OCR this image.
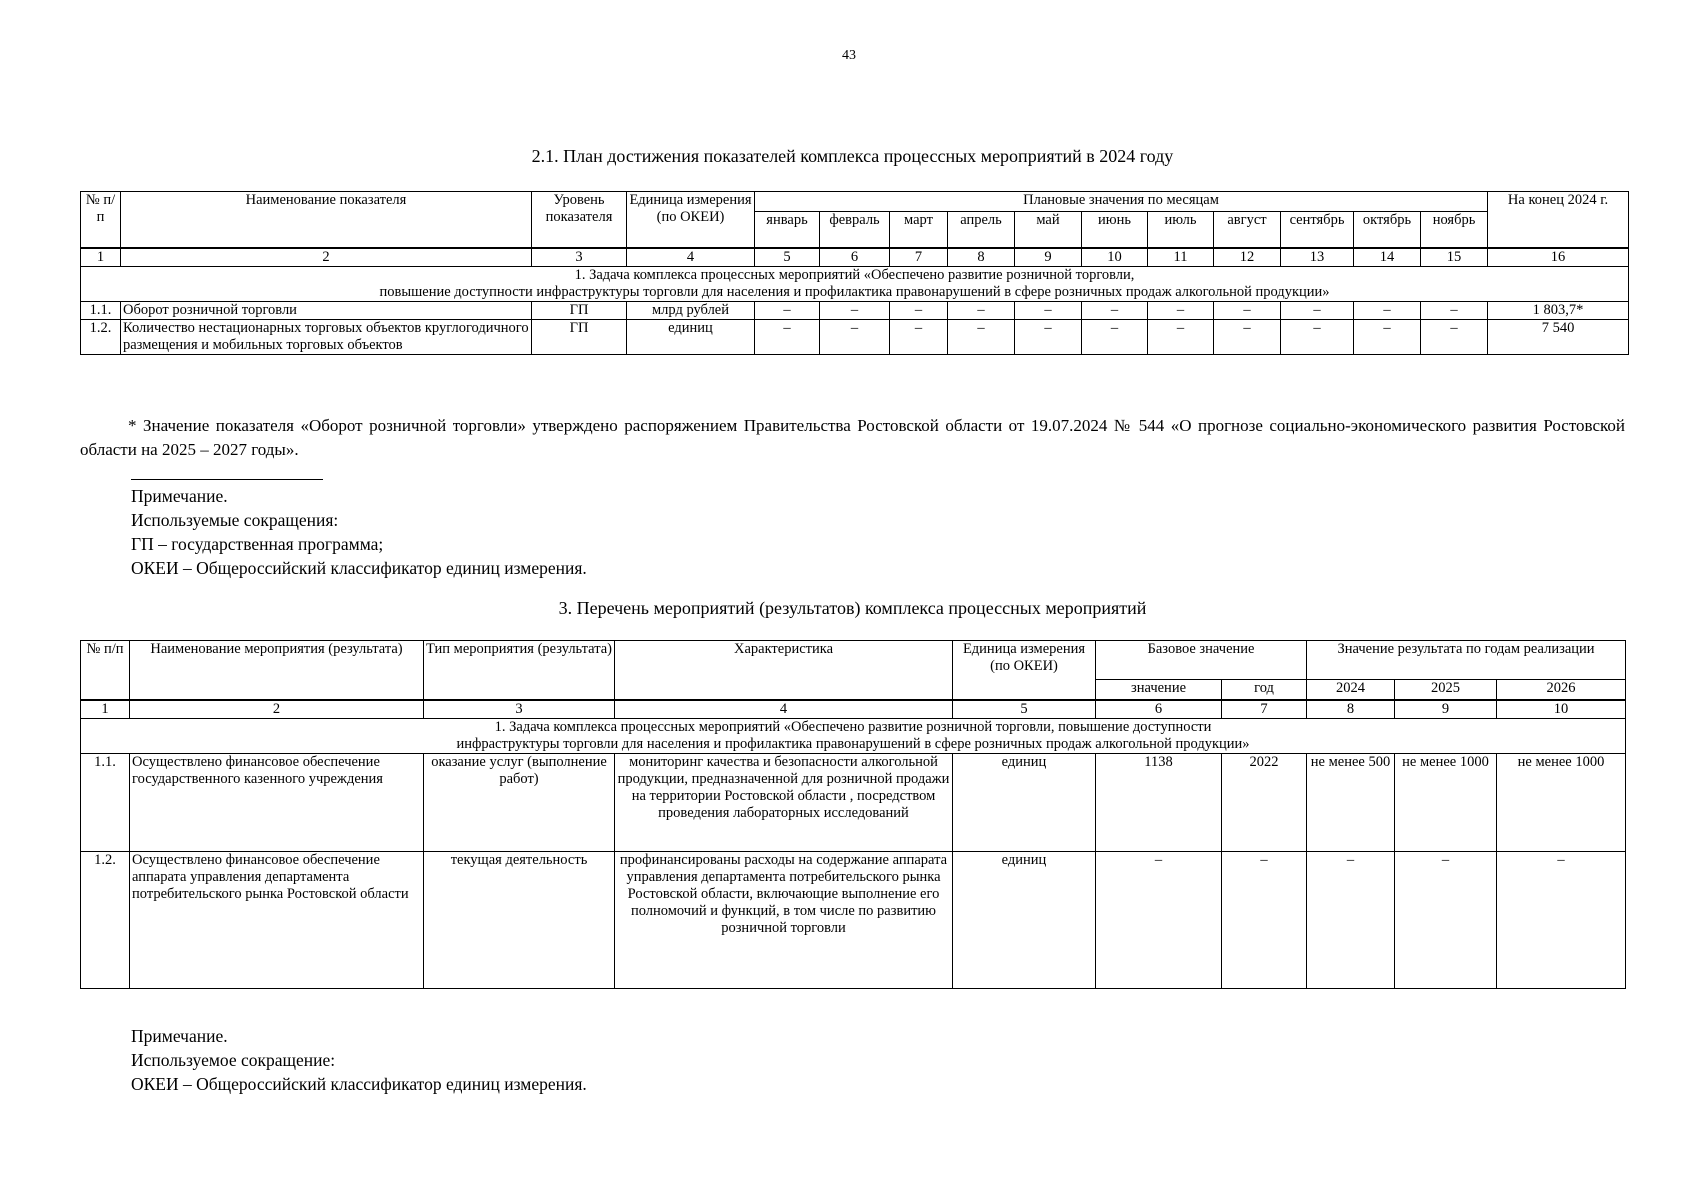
43
2.1. План достижения показателей комплекса процессных мероприятий в 2024 году
№ п/п	Наименование показателя	Уровень показателя	Единица измерения (по ОКЕИ)	Плановые значения по месяцам											На конец 2024 г.
				январь	февраль	март	апрель	май	июнь	июль	август	сентябрь	октябрь	ноябрь	
1	2	3	4	5	6	7	8	9	10	11	12	13	14	15	16

1. Задача комплекса процессных мероприятий «Обеспечено развитие розничной торговли,
повышение доступности инфраструктуры торговли для населения и профилактика правонарушений в сфере розничных продаж алкогольной продукции»															

1.1.	Оборот розничной торговли	ГП	млрд рублей	–	–	–	–	–	–	–	–	–	–	–	1 803,7*
1.2.	Количество нестационарных торговых объектов круглогодичного размещения и мобильных торговых объектов	ГП	единиц	–	–	–	–	–	–	–	–	–	–	–	7 540
* Значение показателя «Оборот розничной торговли» утверждено распоряжением Правительства Ростовской области от 19.07.2024 № 544 «О прогнозе социально-экономического развития Ростовской области на 2025 – 2027 годы».
Примечание.
Используемые сокращения:
ГП – государственная программа;
ОКЕИ – Общероссийский классификатор единиц измерения.
3. Перечень мероприятий (результатов) комплекса процессных мероприятий
№ п/п	Наименование мероприятия (результата)	Тип мероприятия (результата)	Характеристика	Единица измерения (по ОКЕИ)	Базовое значение		Значение результата по годам реализации		
					значение	год	2024	2025	2026
1	2	3	4	5	6	7	8	9	10

1. Задача комплекса процессных мероприятий «Обеспечено развитие розничной торговли, повышение доступности
инфраструктуры торговли для населения и профилактика правонарушений в сфере розничных продаж алкогольной продукции»									

1.1.	Осуществлено финансовое обеспечение государственного казенного учреждения	оказание услуг (выполнение работ)	мониторинг качества и безопасности алкогольной продукции, предназначенной для розничной продажи на территории Ростовской области , посредством проведения лабораторных исследований	единиц	1138	2022	не менее 500	не менее 1000	не менее 1000
1.2.	Осуществлено финансовое обеспечение аппарата управления департамента потребительского рынка Ростовской области	текущая деятельность	профинансированы расходы на содержание аппарата управления департамента потребительского рынка Ростовской области, включающие выполнение его полномочий и функций, в том числе по развитию розничной торговли	единиц	–	–	–	–	–
Примечание.
Используемое сокращение:
ОКЕИ – Общероссийский классификатор единиц измерения.
